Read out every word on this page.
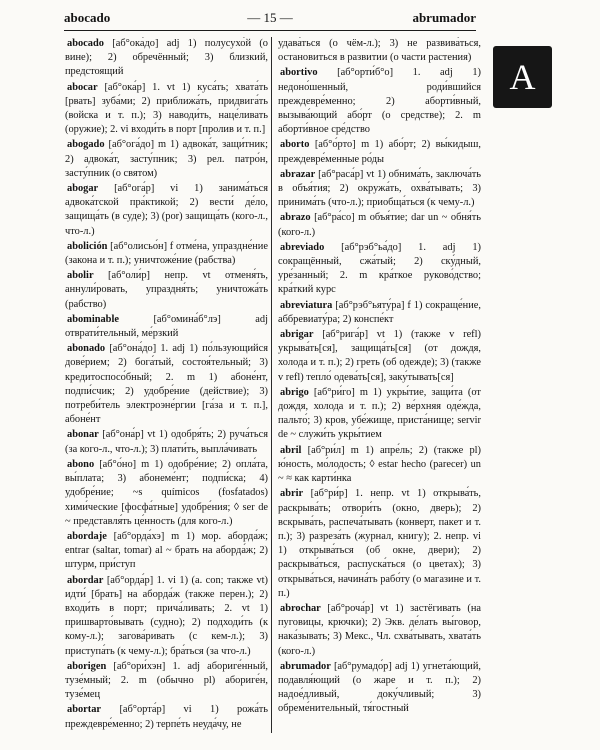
abocado	— 15 —	abrumador
A

abocado [аб°ока́до] adj 1) полусухо́й (о вине); 2) обречённый; 3) близкий, предстоящий

abocar [аб°ока́р] 1. vt 1) куса́ть; хвата́ть [рвать] зуба́ми; 2) приближа́ть, придвига́ть (войска и т. п.); 3) наводи́ть, наце́ливать (оружие); 2. vi входи́ть в порт [пролив и т. п.]

abogado [аб°ога́до] m 1) адвока́т, защи́тник; 2) адвока́т, засту́пник; 3) рел. патро́н, засту́пник (о святом)

abogar [аб°ога́р] vi 1) занима́ться адвока́тской пра́ктикой; 2) вести́ де́ло, защища́ть (в суде); 3) (por) защища́ть (кого-л., что-л.)

abolición [аб°олисьо́н] f отме́на, упраздне́ние (закона и т. п.); уничтоже́ние (рабства)

abolir [аб°оли́р] непр. vt отменя́ть, аннули́ровать, упраздня́ть; уничтожа́ть (рабство)

abominable	[аб°омина́б°лэ] adj отврати́тельный, ме́рзкий

abonado [аб°она́до] 1. adj 1) по́льзующийся дове́рием; 2) бога́тый, состоя́тельный; 3) кредитоспосо́бный; 2. m 1) абоне́нт, подпи́счик; 2) удобре́ние (действие); 3) потреби́тель электроэне́ргии [га́за и т. п.], абоне́нт

abonar [аб°она́р] vt 1) одобря́ть; 2) руча́ться (за кого-л., что-л.); 3) плати́ть, выпла́чивать

abono [аб°о́но] m 1) одобре́ние; 2) опла́та, вы́плата; 3) абонеме́нт; подпи́ска; 4) удобре́ние; ~s químicos (fosfatados) хими́ческие [фосфа́тные] удобре́ния; ◊ ser de ~ представля́ть це́нность (для кого-л.)

abordaje [аб°орда́хэ] m 1) мор. аборда́ж; entrar (saltar, tomar) al ~ брать на аборда́ж; 2) штурм, при́ступ

abordar [аб°орда́р] 1. vi 1) (a. con; также vt) идти́ [брать] на аборда́ж (также перен.); 2) входи́ть в порт; прича́ливать; 2. vt 1) пришварто́вывать (судно); 2) подходи́ть (к кому-л.); загова́ривать (с кем-л.); 3) приступа́ть (к чему-л.); бра́ться (за что-л.)

aborigen [аб°ори́хэн] 1. adj абориге́нный, тузе́мный; 2. m (обычно pl) абориге́н, тузе́мец

abortar [аб°орта́р] vi 1) рожа́ть преждевре́менно; 2) терпе́ть неуда́чу, не

удава́ться (о чём-л.); 3) не развива́ться, остановиться в развитии (о части растения)

abortivo [аб°орти́б°о] 1. adj 1) недоно́шенный, роди́вшийся преждевре́менно; 2) аборти́вный, вызыва́ющий або́рт (о средстве); 2. m аборти́вное сре́дство

aborto [аб°о́рто] m 1) або́рт; 2) вы́кидыш, преждевре́менные ро́ды

abrazar [аб°раса́р] vt 1) обнима́ть, заключа́ть в объя́тия; 2) окружа́ть, охва́тывать; 3) принима́ть (что-л.); приобща́ться (к чему-л.)

abrazo [аб°ра́со] m объя́тие; dar un ~ обня́ть (кого-л.)

abreviado [аб°рэб°ьа́до] 1. adj 1) сокращённый, сжа́тый; 2) ску́дный, уре́занный; 2. m кра́ткое руково́дство; кра́ткий курс

abreviatura [аб°рэб°ьяту́ра] f 1) сокраще́ние, аббревиату́ра; 2) конспе́кт

abrigar [аб°рига́р] vt 1) (также v refl) укрыва́ть[ся], защища́ть[ся] (от дождя, холода и т. п.); 2) греть (об одежде); 3) (также v refl) тепло́ одева́ть[ся], заку́тывать[ся]

abrigo [аб°ри́го] m 1) укры́тие, защи́та (от дождя, холода и т. п.); 2) ве́рхняя оде́жда, пальто́; 3) кров, убе́жище, приста́нище; servir de ~ служи́ть укры́тием

abril [аб°ри́л] m 1) апре́ль; 2) (также pl) ю́ность, мо́лодость; ◊ estar hecho (parecer) un ~ ≈ как карти́нка

abrir [аб°ри́р] 1. непр. vt 1) открыва́ть, раскрыва́ть; отвори́ть (окно, дверь); 2) вскрыва́ть, распеча́тывать (конверт, пакет и т. п.); 3) разреза́ть (журнал, книгу); 2. непр. vi 1) открыва́ться (об окне, двери); 2) раскрыва́ться, распуска́ться (о цветах); 3) открыва́ться, начина́ть рабо́ту (о магазине и т. п.)

abrochar [аб°роча́р] vt 1) застёгивать (на пуговицы, крючки); 2) Экв. де́лать вы́говор, нака́зывать; 3) Мекс., Чл. схва́тывать, хвата́ть (кого-л.)

abrumador [аб°румадо́р] adj 1) угнета́ющий, подавля́ющий (о жаре и т. п.); 2) надое́дливый, доку́чливый; 3) обреме́нительный, тя́гостный
